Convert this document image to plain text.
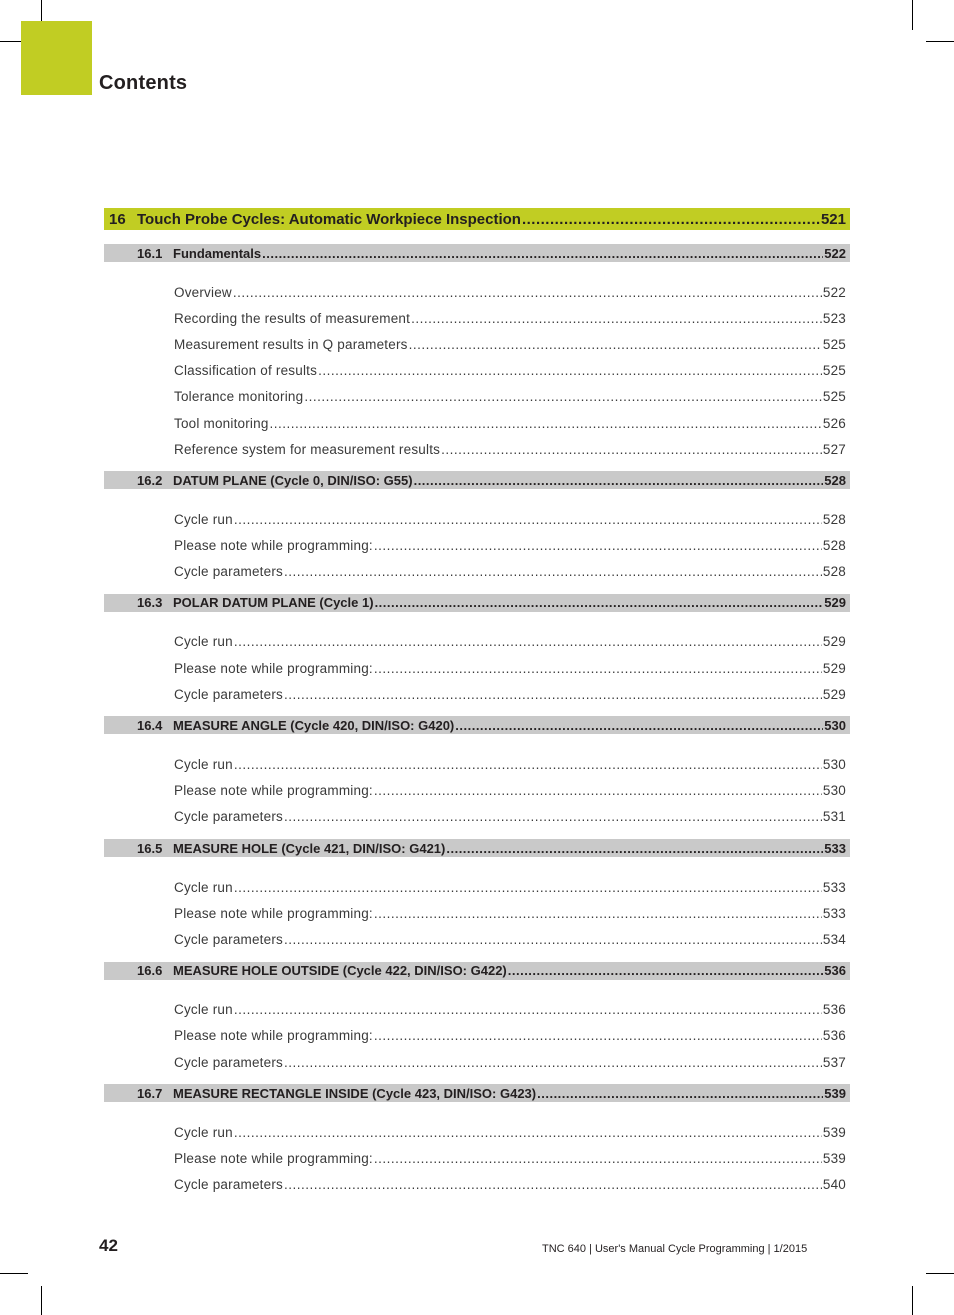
Contents
16 Touch Probe Cycles: Automatic Workpiece Inspection .....	521
16.1 Fundamentals .....	522
Overview .....	522
Recording the results of measurement .....	523
Measurement results in Q parameters .....	525
Classification of results .....	525
Tolerance monitoring .....	525
Tool monitoring .....	526
Reference system for measurement results .....	527
16.2 DATUM PLANE (Cycle 0, DIN/ISO: G55) .....	528
Cycle run .....	528
Please note while programming: .....	528
Cycle parameters .....	528
16.3 POLAR DATUM PLANE (Cycle 1) .....	529
Cycle run .....	529
Please note while programming: .....	529
Cycle parameters .....	529
16.4 MEASURE ANGLE (Cycle 420, DIN/ISO: G420) .....	530
Cycle run .....	530
Please note while programming: .....	530
Cycle parameters .....	531
16.5 MEASURE HOLE (Cycle 421, DIN/ISO: G421) .....	533
Cycle run .....	533
Please note while programming: .....	533
Cycle parameters .....	534
16.6 MEASURE HOLE OUTSIDE (Cycle 422, DIN/ISO: G422) .....	536
Cycle run .....	536
Please note while programming: .....	536
Cycle parameters .....	537
16.7 MEASURE RECTANGLE INSIDE (Cycle 423, DIN/ISO: G423) .....	539
Cycle run .....	539
Please note while programming: .....	539
Cycle parameters .....	540
42	TNC 640 | User's Manual Cycle Programming | 1/2015
